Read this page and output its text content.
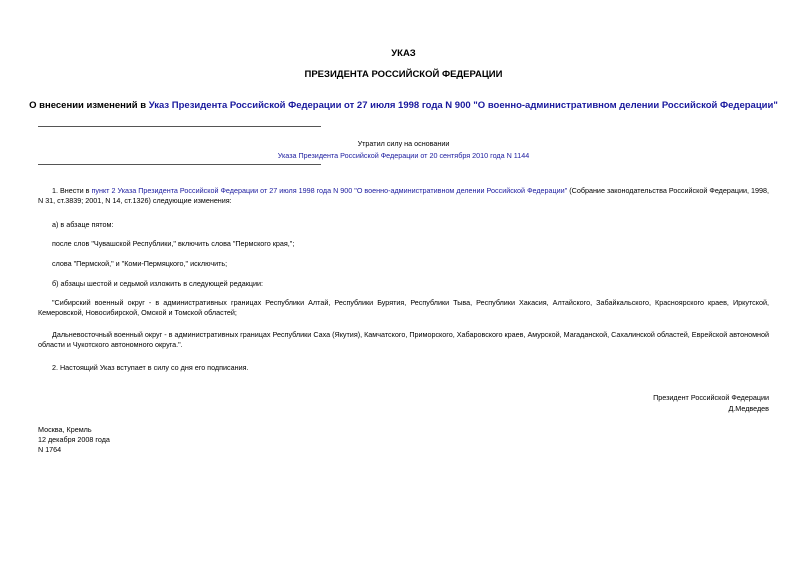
УКАЗ
ПРЕЗИДЕНТА РОССИЙСКОЙ ФЕДЕРАЦИИ
О внесении изменений в Указ Президента Российской Федерации от 27 июля 1998 года N 900 "О военно-административном делении Российской Федерации"
Утратил силу на основании
Указа Президента Российской Федерации от 20 сентября 2010 года N 1144

1. Внести в пункт 2 Указа Президента Российской Федерации от 27 июля 1998 года N 900 "О военно-административном делении Российской Федерации" (Собрание законодательства Российской Федерации, 1998, N 31, ст.3839; 2001, N 14, ст.1326) следующие изменения:

а) в абзаце пятом:

после слов "Чувашской Республики," включить слова "Пермского края,";

слова "Пермской," и "Коми-Пермяцкого," исключить;

б) абзацы шестой и седьмой изложить в следующей редакции:

"Сибирский военный округ - в административных границах Республики Алтай, Республики Бурятия, Республики Тыва, Республики Хакасия, Алтайского, Забайкальского, Красноярского краев, Иркутской, Кемеровской, Новосибирской, Омской и Томской областей;

Дальневосточный военный округ - в административных границах Республики Саха (Якутия), Камчатского, Приморского, Хабаровского краев, Амурской, Магаданской, Сахалинской областей, Еврейской автономной области и Чукотского автономного округа.".

2. Настоящий Указ вступает в силу со дня его подписания.

Президент Российской Федерации
Д.Медведев
Москва, Кремль
12 декабря 2008 года
N 1764
